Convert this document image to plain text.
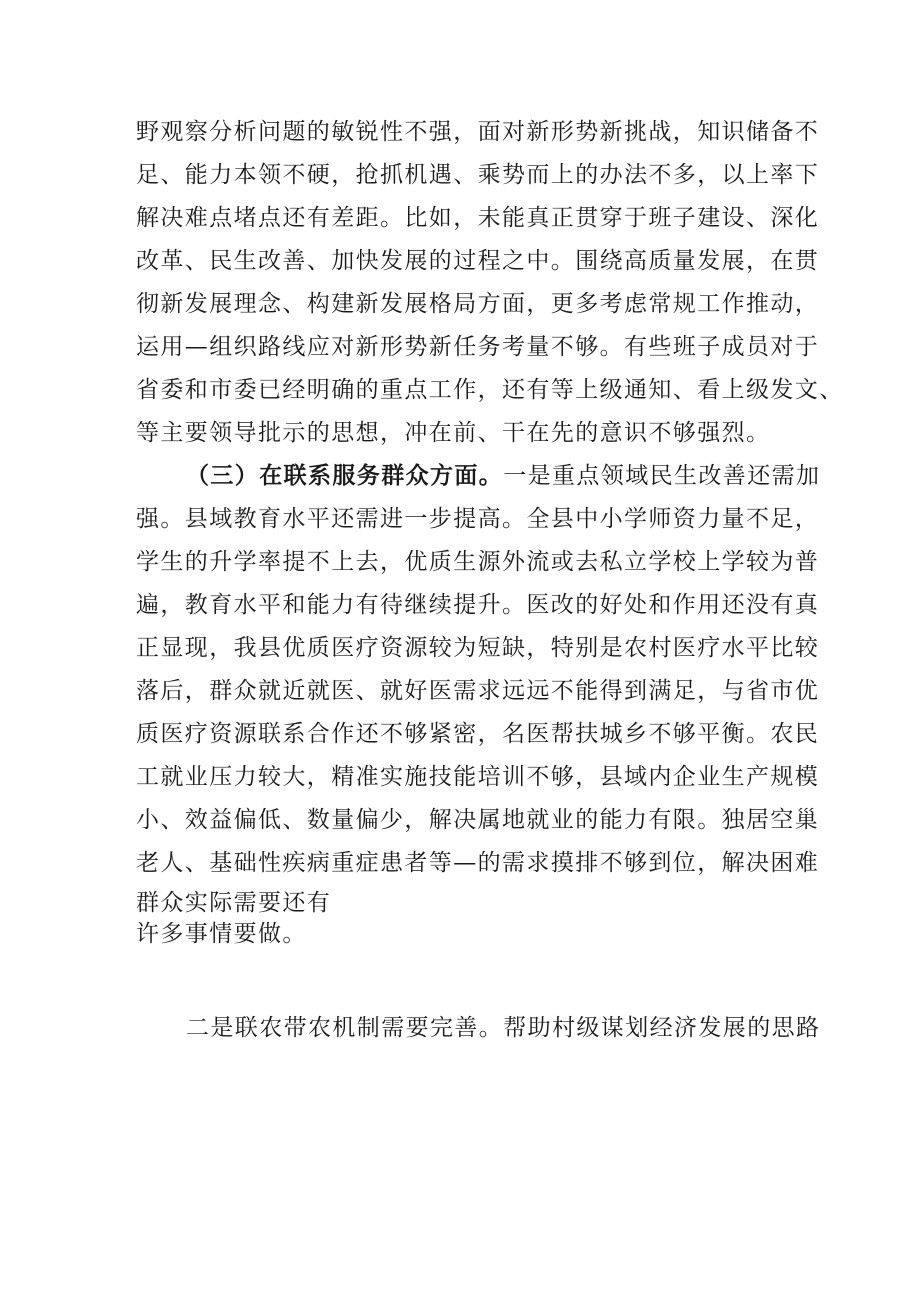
野观察分析问题的敏锐性不强，面对新形势新挑战，知识储备不
足、能力本领不硬，抢抓机遇、乘势而上的办法不多，以上率下
解决难点堵点还有差距。比如，未能真正贯穿于班子建设、深化
改革、民生改善、加快发展的过程之中。围绕高质量发展，在贯
彻新发展理念、构建新发展格局方面，更多考虑常规工作推动，
运用—组织路线应对新形势新任务考量不够。有些班子成员对于
省委和市委已经明确的重点工作，还有等上级通知、看上级发文、
等主要领导批示的思想，冲在前、干在先的意识不够强烈。
（三）在联系服务群众方面。一是重点领域民生改善还需加
强。县域教育水平还需进一步提高。全县中小学师资力量不足，
学生的升学率提不上去，优质生源外流或去私立学校上学较为普
遍，教育水平和能力有待继续提升。医改的好处和作用还没有真
正显现，我县优质医疗资源较为短缺，特别是农村医疗水平比较
落后，群众就近就医、就好医需求远远不能得到满足，与省市优
质医疗资源联系合作还不够紧密，名医帮扶城乡不够平衡。农民
工就业压力较大，精准实施技能培训不够，县域内企业生产规模
小、效益偏低、数量偏少，解决属地就业的能力有限。独居空巢
老人、基础性疾病重症患者等—的需求摸排不够到位，解决困难
群众实际需要还有
许多事情要做。
二是联农带农机制需要完善。帮助村级谋划经济发展的思路
